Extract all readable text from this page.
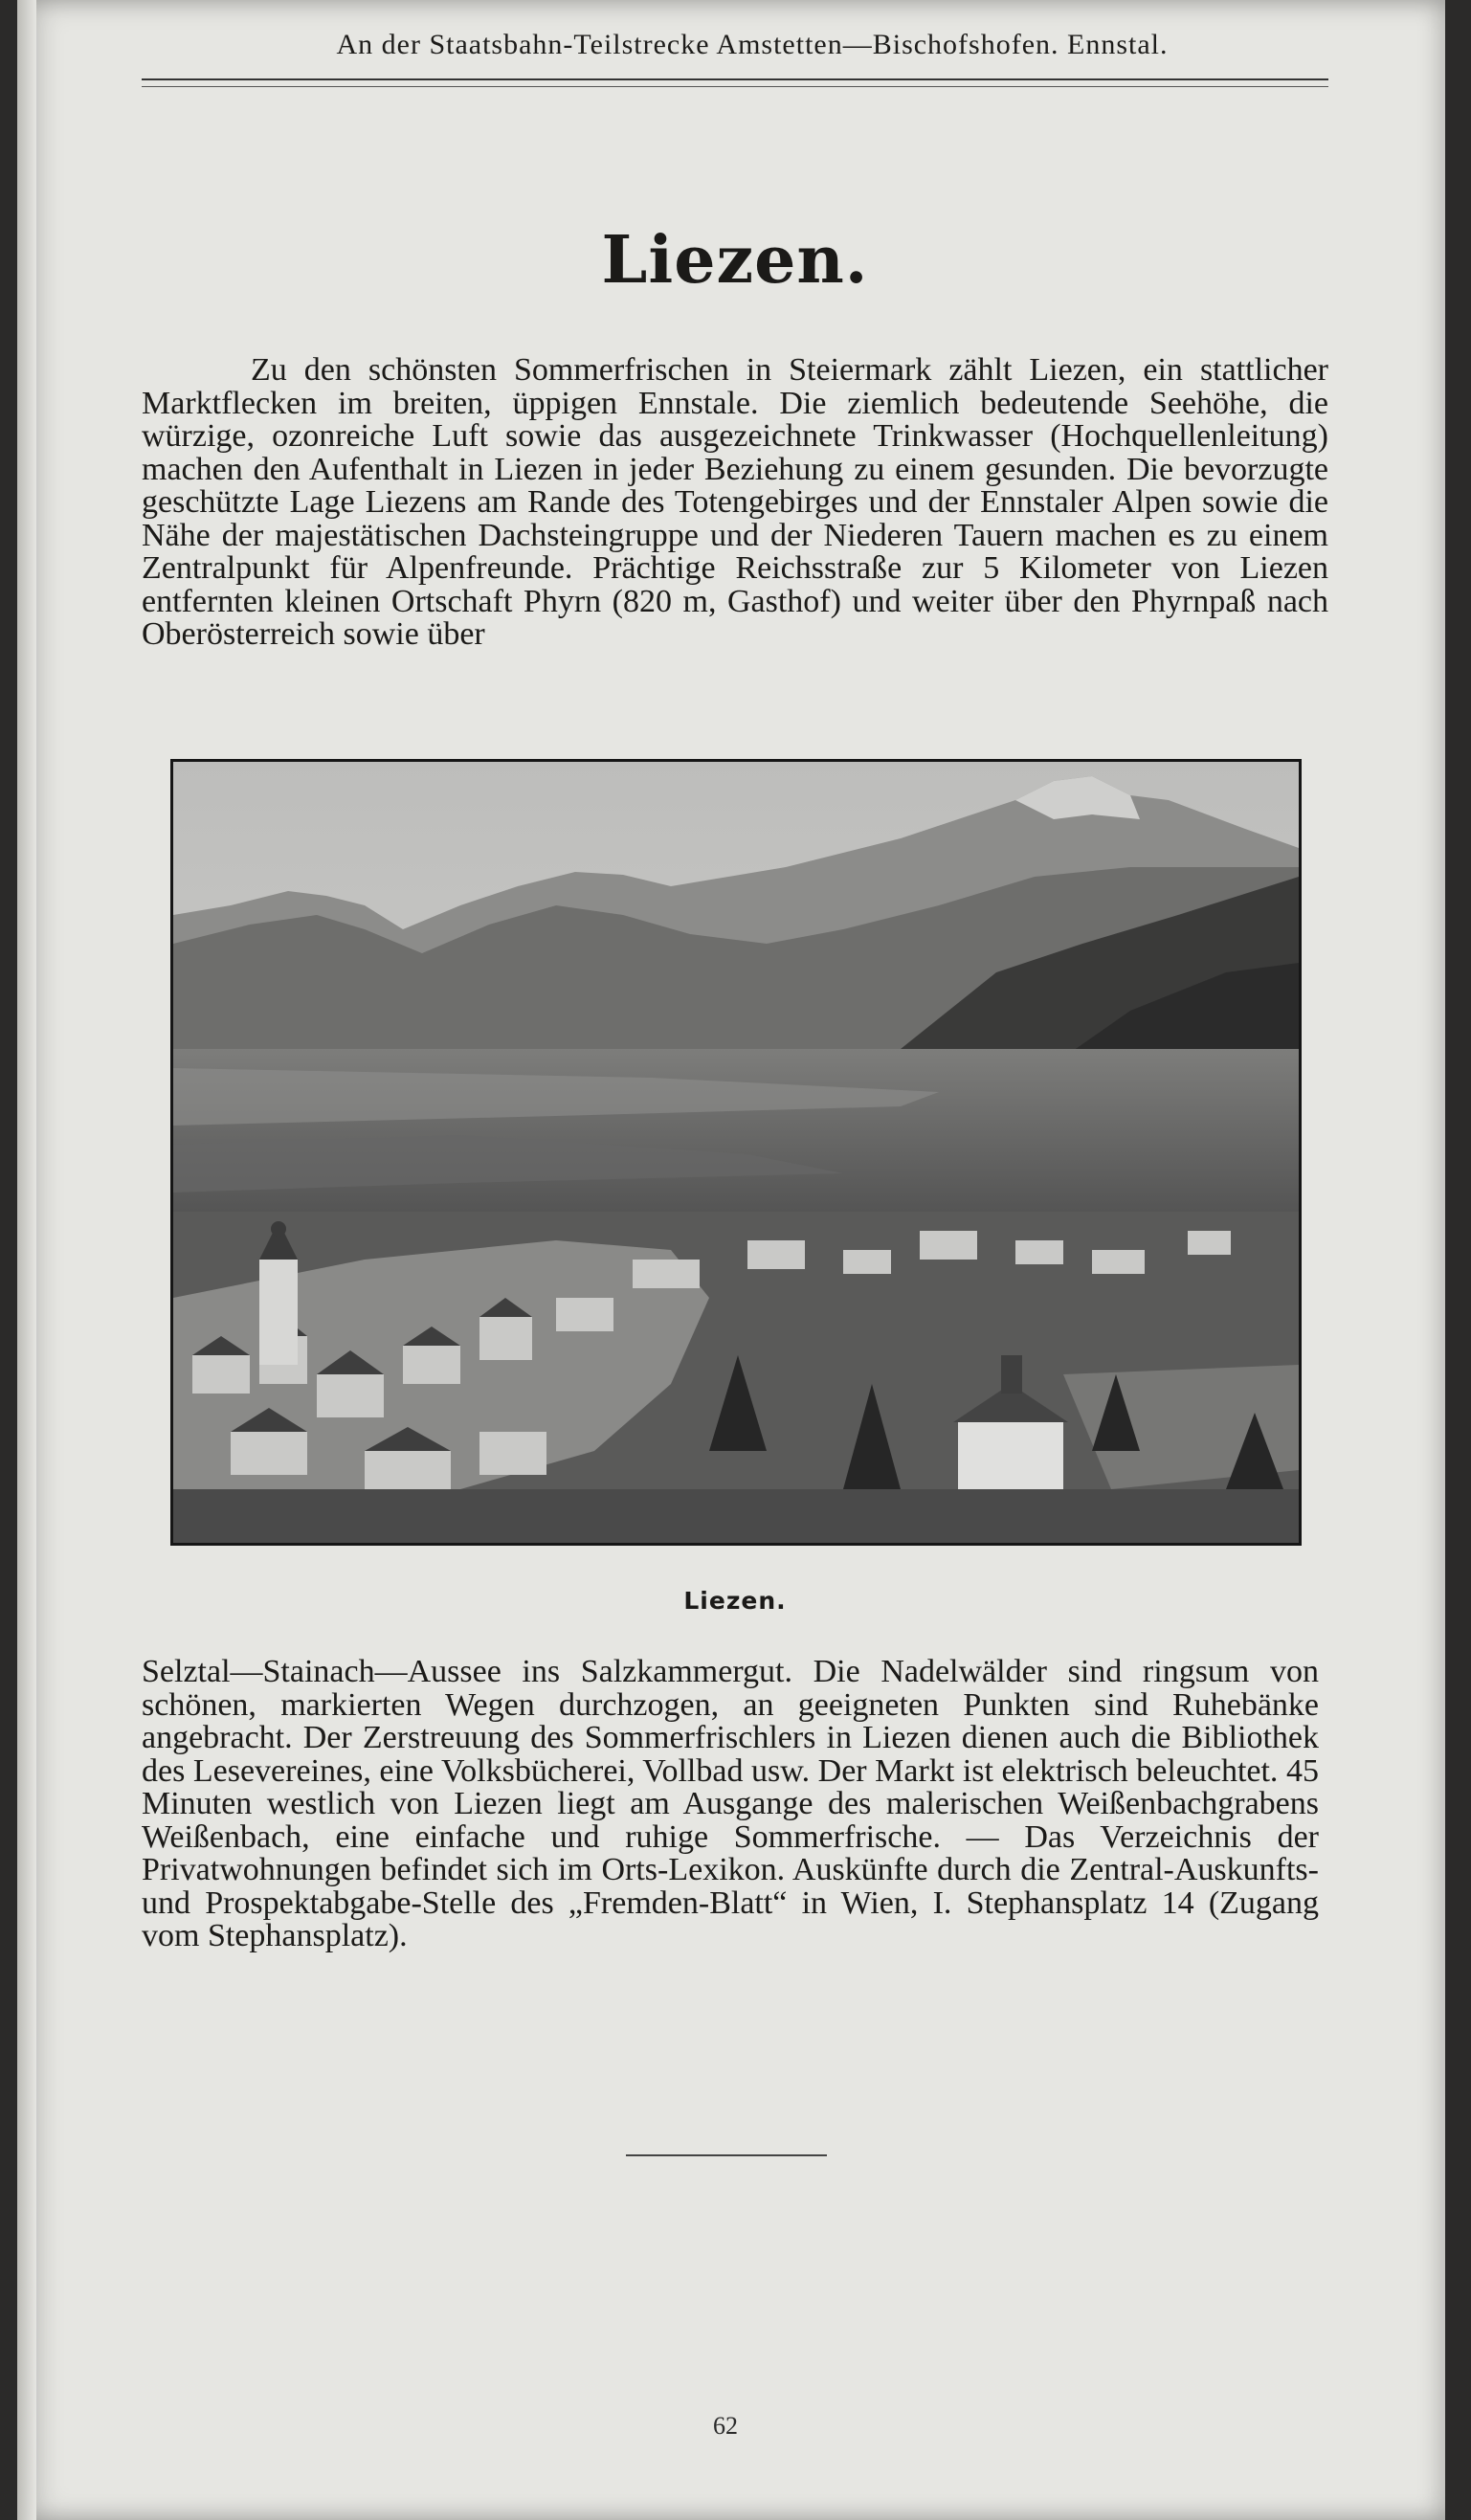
An der Staatsbahn-Teilstrecke Amstetten—Bischofshofen. Ennstal.
Liezen.

Zu den schönsten Sommerfrischen in Steiermark zählt Liezen, ein stattlicher Marktflecken im breiten, üppigen Ennstale. Die ziemlich bedeutende Seehöhe, die würzige, ozonreiche Luft sowie das ausgezeichnete Trinkwasser (Hochquellenleitung) machen den Aufenthalt in Liezen in jeder Beziehung zu einem gesunden. Die bevorzugte geschützte Lage Liezens am Rande des Totengebirges und der Ennstaler Alpen sowie die Nähe der majestätischen Dachsteingruppe und der Niederen Tauern machen es zu einem Zentralpunkt für Alpenfreunde. Prächtige Reichsstraße zur 5 Kilometer von Liezen entfernten kleinen Ortschaft Phyrn (820 m, Gasthof) und weiter über den Phyrnpaß nach Oberösterreich sowie über

Liezen.

Selztal—Stainach—Aussee ins Salzkammergut. Die Nadelwälder sind ringsum von schönen, markierten Wegen durchzogen, an geeigneten Punkten sind Ruhebänke angebracht. Der Zerstreuung des Sommerfrischlers in Liezen dienen auch die Bibliothek des Lesevereines, eine Volksbücherei, Vollbad usw. Der Markt ist elektrisch beleuchtet. 45 Minuten westlich von Liezen liegt am Ausgange des malerischen Weißenbachgrabens Weißenbach, eine einfache und ruhige Sommerfrische. — Das Verzeichnis der Privatwohnungen befindet sich im Orts-Lexikon. Auskünfte durch die Zentral-Auskunfts- und Prospektabgabe-Stelle des „Fremden-Blatt“ in Wien, I. Stephansplatz 14 (Zugang vom Stephansplatz).

62
